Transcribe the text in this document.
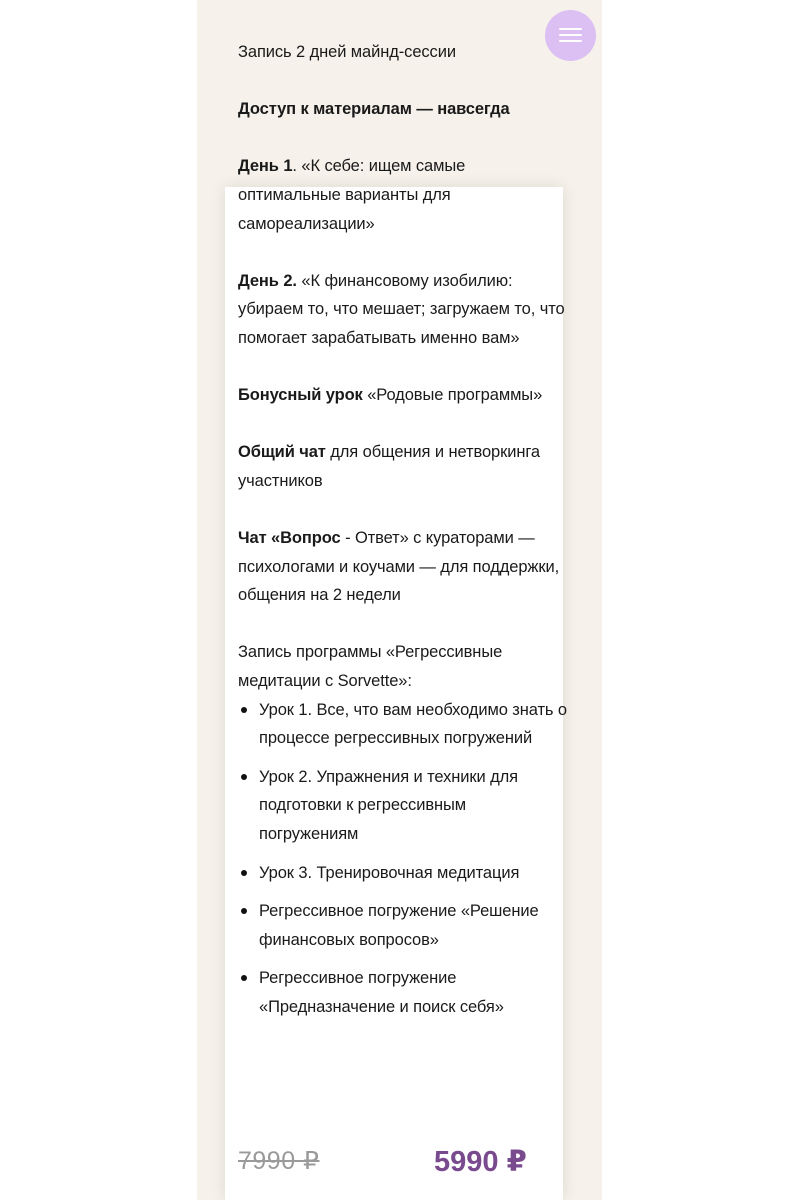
Запись 2 дней майнд-сессии

Доступ к материалам — навсегда

День 1. «К себе: ищем самые оптимальные варианты для самореализации»

День 2. «К финансовому изобилию: убираем то, что мешает; загружаем то, что помогает зарабатывать именно вам»

Бонусный урок «Родовые программы»

Общий чат для общения и нетворкинга участников

Чат «Вопрос - Ответ» с кураторами — психологами и коучами — для поддержки, общения на 2 недели

Запись программы «Регрессивные медитации с Sorvette»:

Урок 1. Все, что вам необходимо знать о процессе регрессивных погружений
Урок 2. Упражнения и техники для подготовки к регрессивным погружениям
Урок 3. Тренировочная медитация
Регрессивное погружение «Решение финансовых вопросов»
Регрессивное погружение «Предназначение и поиск себя»
7990 ₽	5990 ₽
